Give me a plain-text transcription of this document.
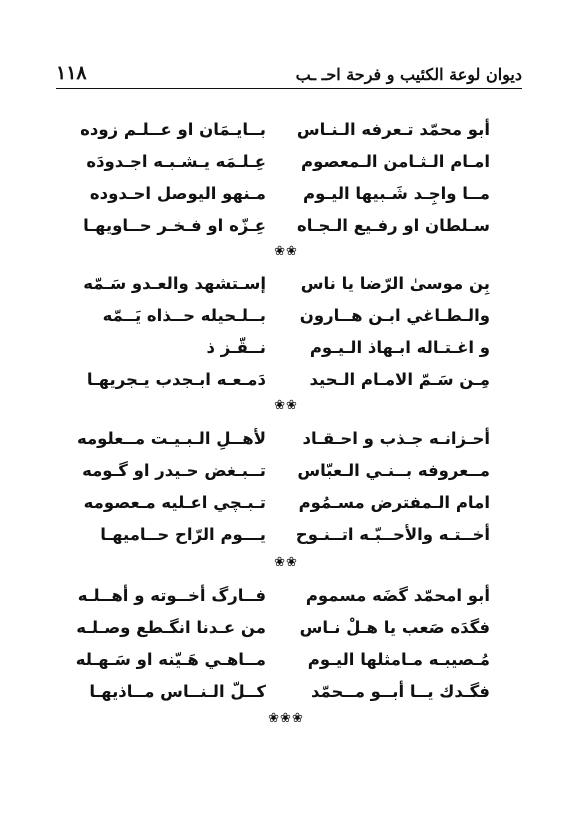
١١٨	ديوان لوعة الكئيب و فرحة احـ ـب
أبو محمّد تـعرفه الـنـاس
بــايـمَان او عــلـم زوده
امـام الـثـامن الـمعصوم
عِـلـمَه يـشـبـه اجـدودَه
مــا واجِـد شَـبيها اليـوم
مـنهو اليوصل احـدوده
سـلطان او رفـيع الـجـاه
عِـزّه او فـخـر حــاويهـا
❀❀
بِن موسىٰ الرّضا يا ناس
إسـتشهد والعـدو سَـمّه
والـطـاغي ابـن هــارون
بــلـحيله حــذاه يَــمّه
و اغـتـاله ابـهاذ الـيـوم
نــقّـز ذ
مِـن سَـمّ الامـام الـحيد
دَمـعـه ابـجدب يـجريهـا
❀❀
أحـزانـه جـذب و احـقـاد
لأهــلِ الـبـيـت مــعلومه
مــعروفه بــنـي الـعبّاس
تــبـغض حـيدر او گـومه
امام الـمفترض مسـمُوم
تـبـچي اعـليه مـعصومه
أخــتـه والأحــبّـه اتــنـوح
يـــوم الرّاح حــاميهـا
❀❀
أبو امحمّد گضَه مسموم
فــارگ أخــوته و أهــلـه
فگدَه صَعب يا هـلْ نـاس
من عـدنا انگـطع وصـلـه
مُـصيبـه مـامثلها اليـوم
مــاهـي هَـيّنه او سَـهـله
فگـدك يــا أبــو مــحمّد
كــلّ الـنــاس مــاذيهـا
❀❀❀
